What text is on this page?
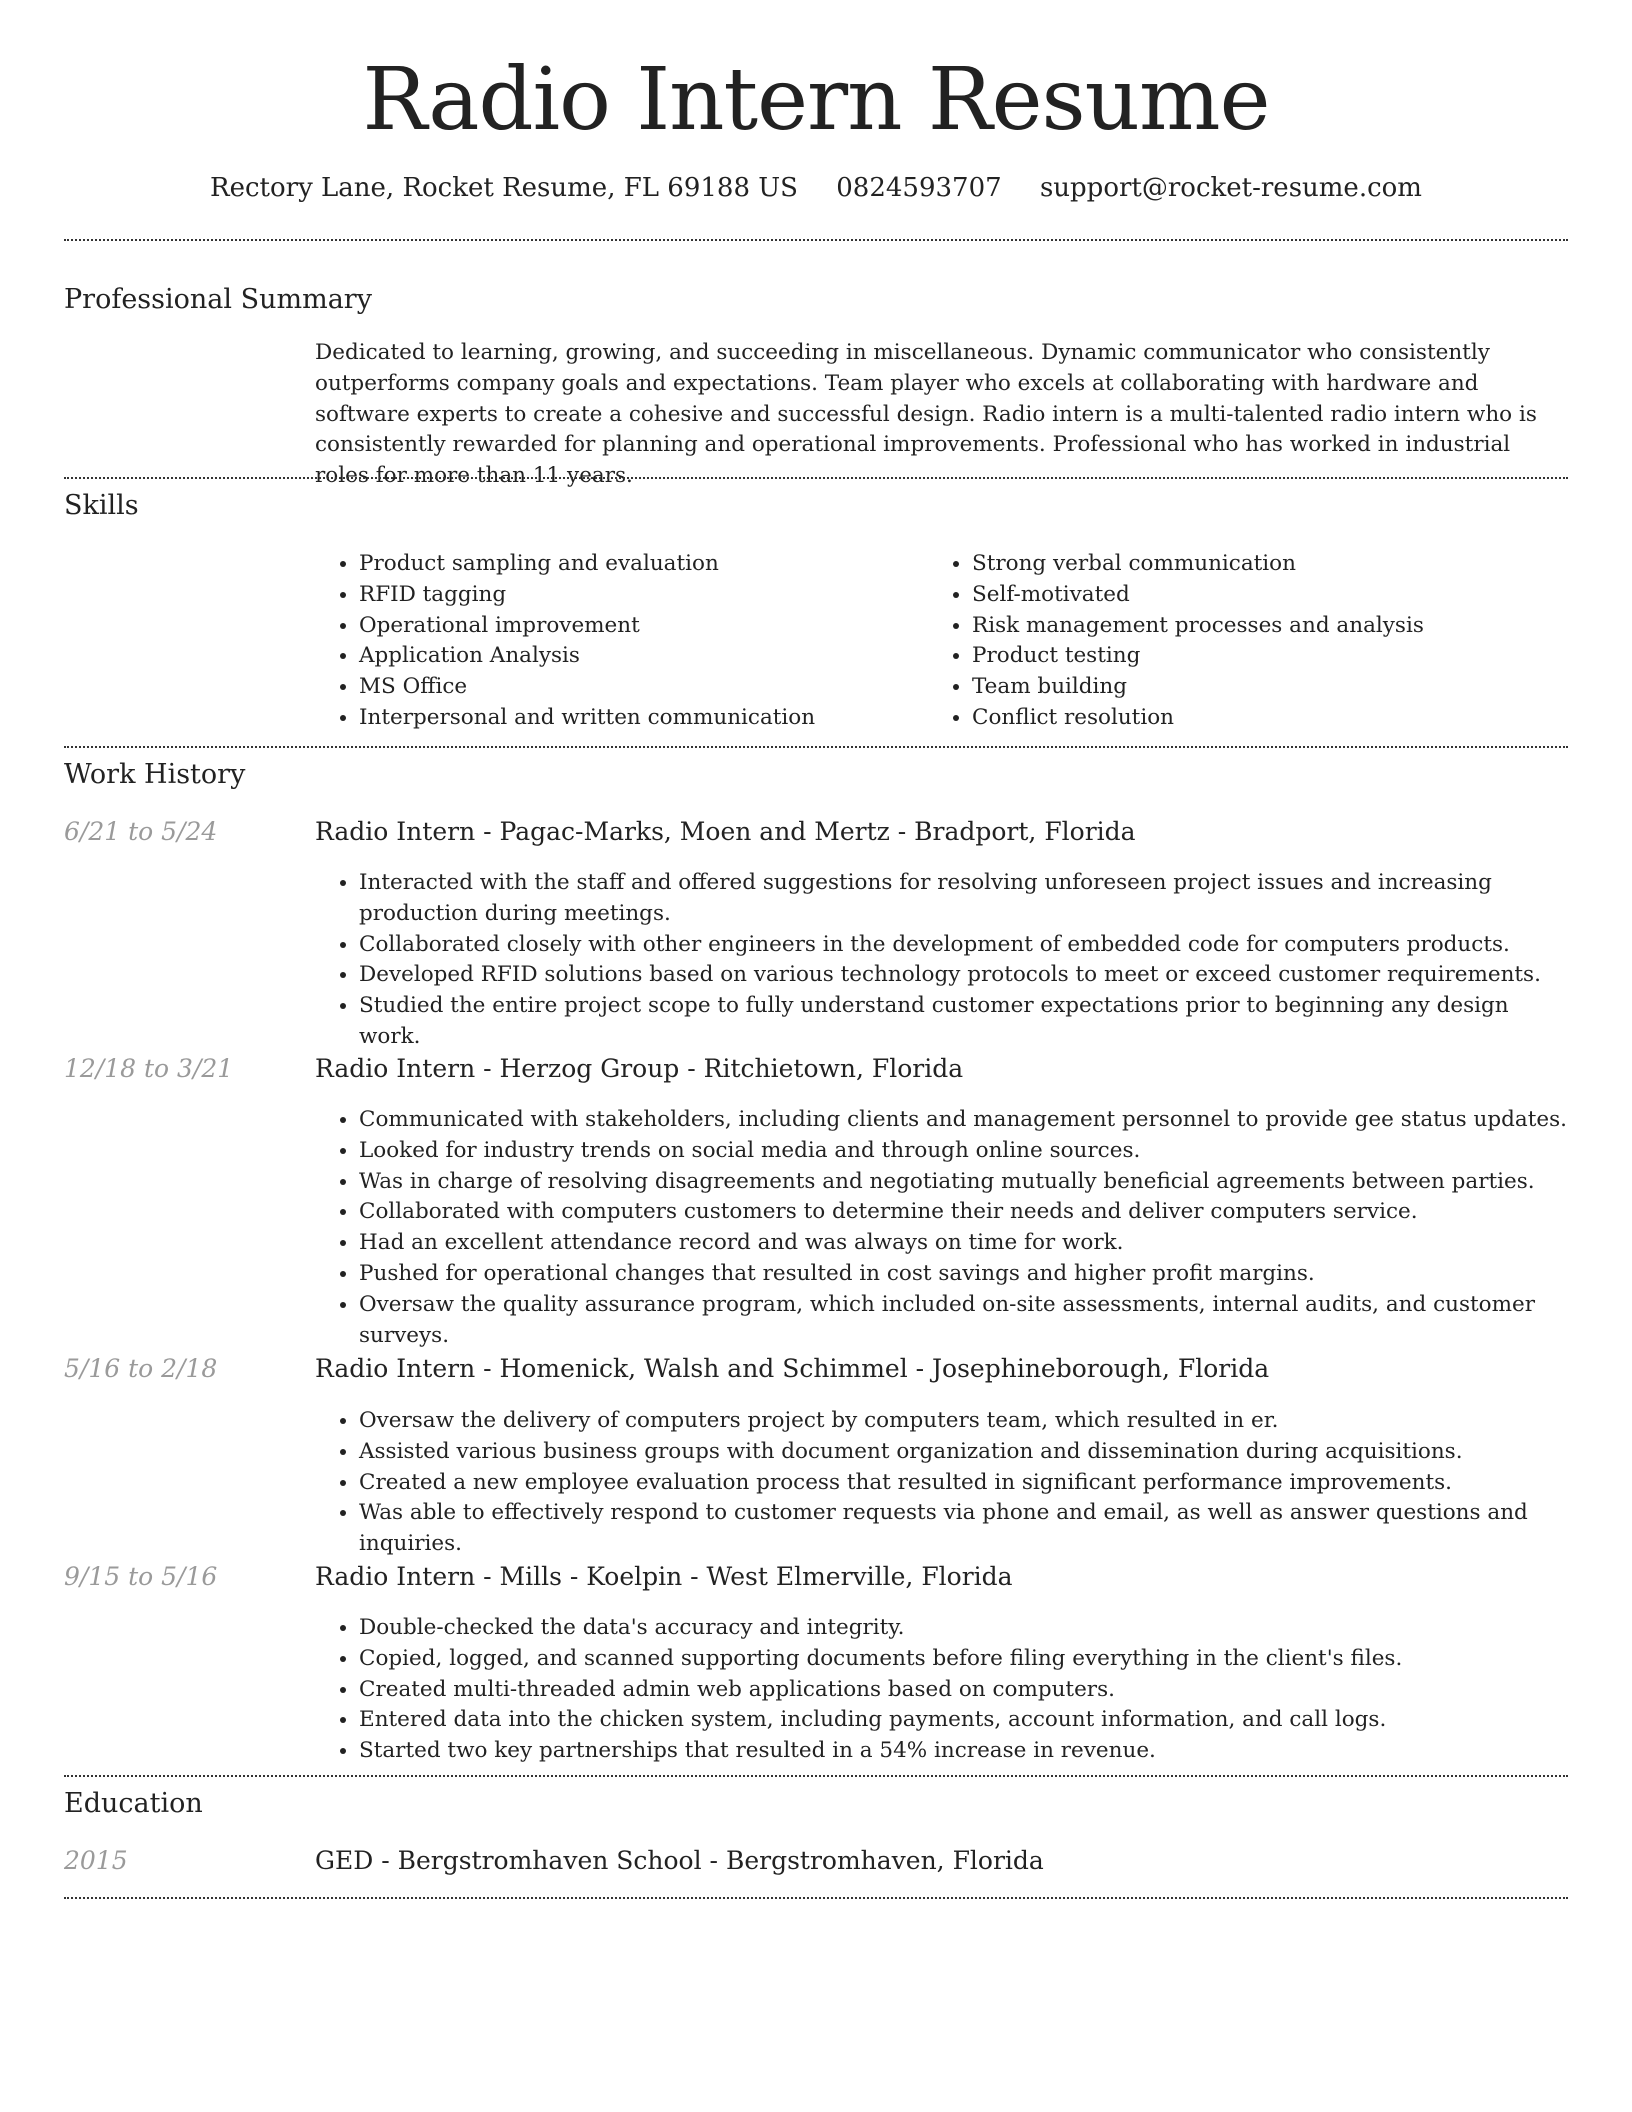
Radio Intern Resume
Rectory Lane, Rocket Resume, FL 69188 US 0824593707 support@rocket-resume.com
Professional Summary
Dedicated to learning, growing, and succeeding in miscellaneous. Dynamic communicator who consistently outperforms company goals and expectations. Team player who excels at collaborating with hardware and software experts to create a cohesive and successful design. Radio intern is a multi-talented radio intern who is consistently rewarded for planning and operational improvements. Professional who has worked in industrial roles for more than 11 years.
Skills
• Product sampling and evaluation
• RFID tagging
• Operational improvement
• Application Analysis
• MS Office
• Interpersonal and written communication
• Strong verbal communication
• Self-motivated
• Risk management processes and analysis
• Product testing
• Team building
• Conflict resolution
Work History
6/21 to 5/24	Radio Intern - Pagac-Marks, Moen and Mertz - Bradport, Florida
• Interacted with the staff and offered suggestions for resolving unforeseen project issues and increasing production during meetings.
• Collaborated closely with other engineers in the development of embedded code for computers products.
• Developed RFID solutions based on various technology protocols to meet or exceed customer requirements.
• Studied the entire project scope to fully understand customer expectations prior to beginning any design work.
12/18 to 3/21	Radio Intern - Herzog Group - Ritchietown, Florida
• Communicated with stakeholders, including clients and management personnel to provide gee status updates.
• Looked for industry trends on social media and through online sources.
• Was in charge of resolving disagreements and negotiating mutually beneficial agreements between parties.
• Collaborated with computers customers to determine their needs and deliver computers service.
• Had an excellent attendance record and was always on time for work.
• Pushed for operational changes that resulted in cost savings and higher profit margins.
• Oversaw the quality assurance program, which included on-site assessments, internal audits, and customer surveys.
5/16 to 2/18	Radio Intern - Homenick, Walsh and Schimmel - Josephineborough, Florida
• Oversaw the delivery of computers project by computers team, which resulted in er.
• Assisted various business groups with document organization and dissemination during acquisitions.
• Created a new employee evaluation process that resulted in significant performance improvements.
• Was able to effectively respond to customer requests via phone and email, as well as answer questions and inquiries.
9/15 to 5/16	Radio Intern - Mills - Koelpin - West Elmerville, Florida
• Double-checked the data's accuracy and integrity.
• Copied, logged, and scanned supporting documents before filing everything in the client's files.
• Created multi-threaded admin web applications based on computers.
• Entered data into the chicken system, including payments, account information, and call logs.
• Started two key partnerships that resulted in a 54% increase in revenue.
Education
2015	GED - Bergstromhaven School - Bergstromhaven, Florida
